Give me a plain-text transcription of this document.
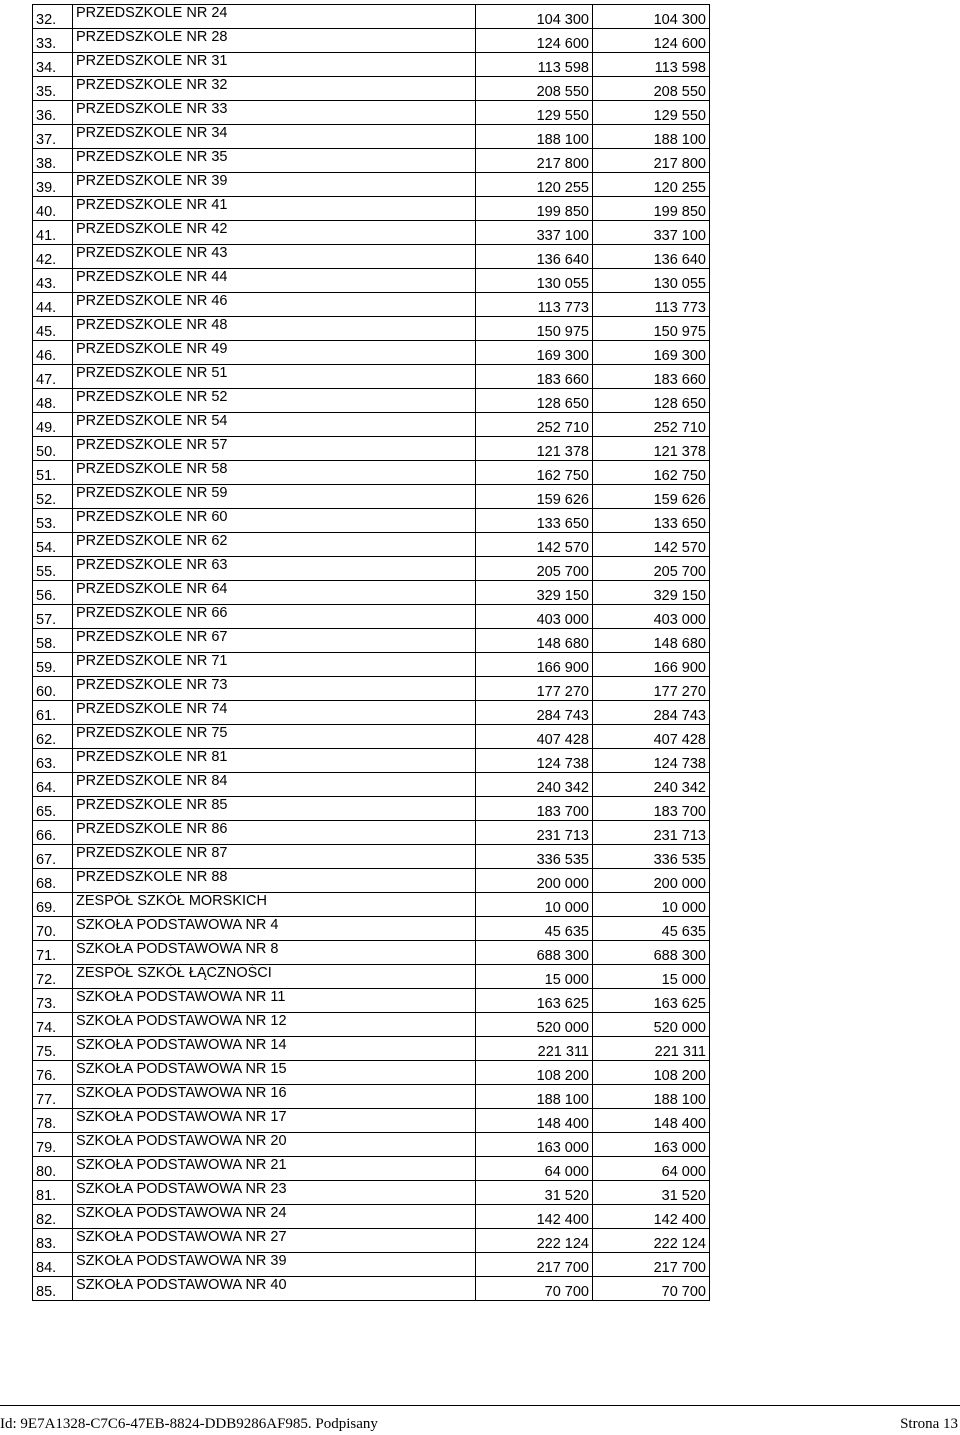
32.	PRZEDSZKOLE NR 24	104 300	104 300
33.	PRZEDSZKOLE NR 28	124 600	124 600
34.	PRZEDSZKOLE NR 31	113 598	113 598
35.	PRZEDSZKOLE NR 32	208 550	208 550
36.	PRZEDSZKOLE NR 33	129 550	129 550
37.	PRZEDSZKOLE NR 34	188 100	188 100
38.	PRZEDSZKOLE NR 35	217 800	217 800
39.	PRZEDSZKOLE NR 39	120 255	120 255
40.	PRZEDSZKOLE NR 41	199 850	199 850
41.	PRZEDSZKOLE NR 42	337 100	337 100
42.	PRZEDSZKOLE NR 43	136 640	136 640
43.	PRZEDSZKOLE NR 44	130 055	130 055
44.	PRZEDSZKOLE NR 46	113 773	113 773
45.	PRZEDSZKOLE NR 48	150 975	150 975
46.	PRZEDSZKOLE NR 49	169 300	169 300
47.	PRZEDSZKOLE NR 51	183 660	183 660
48.	PRZEDSZKOLE NR 52	128 650	128 650
49.	PRZEDSZKOLE NR 54	252 710	252 710
50.	PRZEDSZKOLE NR 57	121 378	121 378
51.	PRZEDSZKOLE NR 58	162 750	162 750
52.	PRZEDSZKOLE NR 59	159 626	159 626
53.	PRZEDSZKOLE NR 60	133 650	133 650
54.	PRZEDSZKOLE NR 62	142 570	142 570
55.	PRZEDSZKOLE NR 63	205 700	205 700
56.	PRZEDSZKOLE NR 64	329 150	329 150
57.	PRZEDSZKOLE NR 66	403 000	403 000
58.	PRZEDSZKOLE NR 67	148 680	148 680
59.	PRZEDSZKOLE NR 71	166 900	166 900
60.	PRZEDSZKOLE NR 73	177 270	177 270
61.	PRZEDSZKOLE NR 74	284 743	284 743
62.	PRZEDSZKOLE NR 75	407 428	407 428
63.	PRZEDSZKOLE NR 81	124 738	124 738
64.	PRZEDSZKOLE NR 84	240 342	240 342
65.	PRZEDSZKOLE NR 85	183 700	183 700
66.	PRZEDSZKOLE NR 86	231 713	231 713
67.	PRZEDSZKOLE NR 87	336 535	336 535
68.	PRZEDSZKOLE NR 88	200 000	200 000
69.	ZESPÓŁ SZKÓŁ MORSKICH	10 000	10 000
70.	SZKOŁA PODSTAWOWA NR 4	45 635	45 635
71.	SZKOŁA PODSTAWOWA NR 8	688 300	688 300
72.	ZESPÓŁ SZKÓŁ ŁĄCZNOŚCI	15 000	15 000
73.	SZKOŁA PODSTAWOWA NR 11	163 625	163 625
74.	SZKOŁA PODSTAWOWA NR 12	520 000	520 000
75.	SZKOŁA PODSTAWOWA NR 14	221 311	221 311
76.	SZKOŁA PODSTAWOWA NR 15	108 200	108 200
77.	SZKOŁA PODSTAWOWA NR 16	188 100	188 100
78.	SZKOŁA PODSTAWOWA NR 17	148 400	148 400
79.	SZKOŁA PODSTAWOWA NR 20	163 000	163 000
80.	SZKOŁA PODSTAWOWA NR 21	64 000	64 000
81.	SZKOŁA PODSTAWOWA NR 23	31 520	31 520
82.	SZKOŁA PODSTAWOWA NR 24	142 400	142 400
83.	SZKOŁA PODSTAWOWA NR 27	222 124	222 124
84.	SZKOŁA PODSTAWOWA NR 39	217 700	217 700
85.	SZKOŁA PODSTAWOWA NR 40	70 700	70 700
Id: 9E7A1328-C7C6-47EB-8824-DDB9286AF985. Podpisany	Strona 13
